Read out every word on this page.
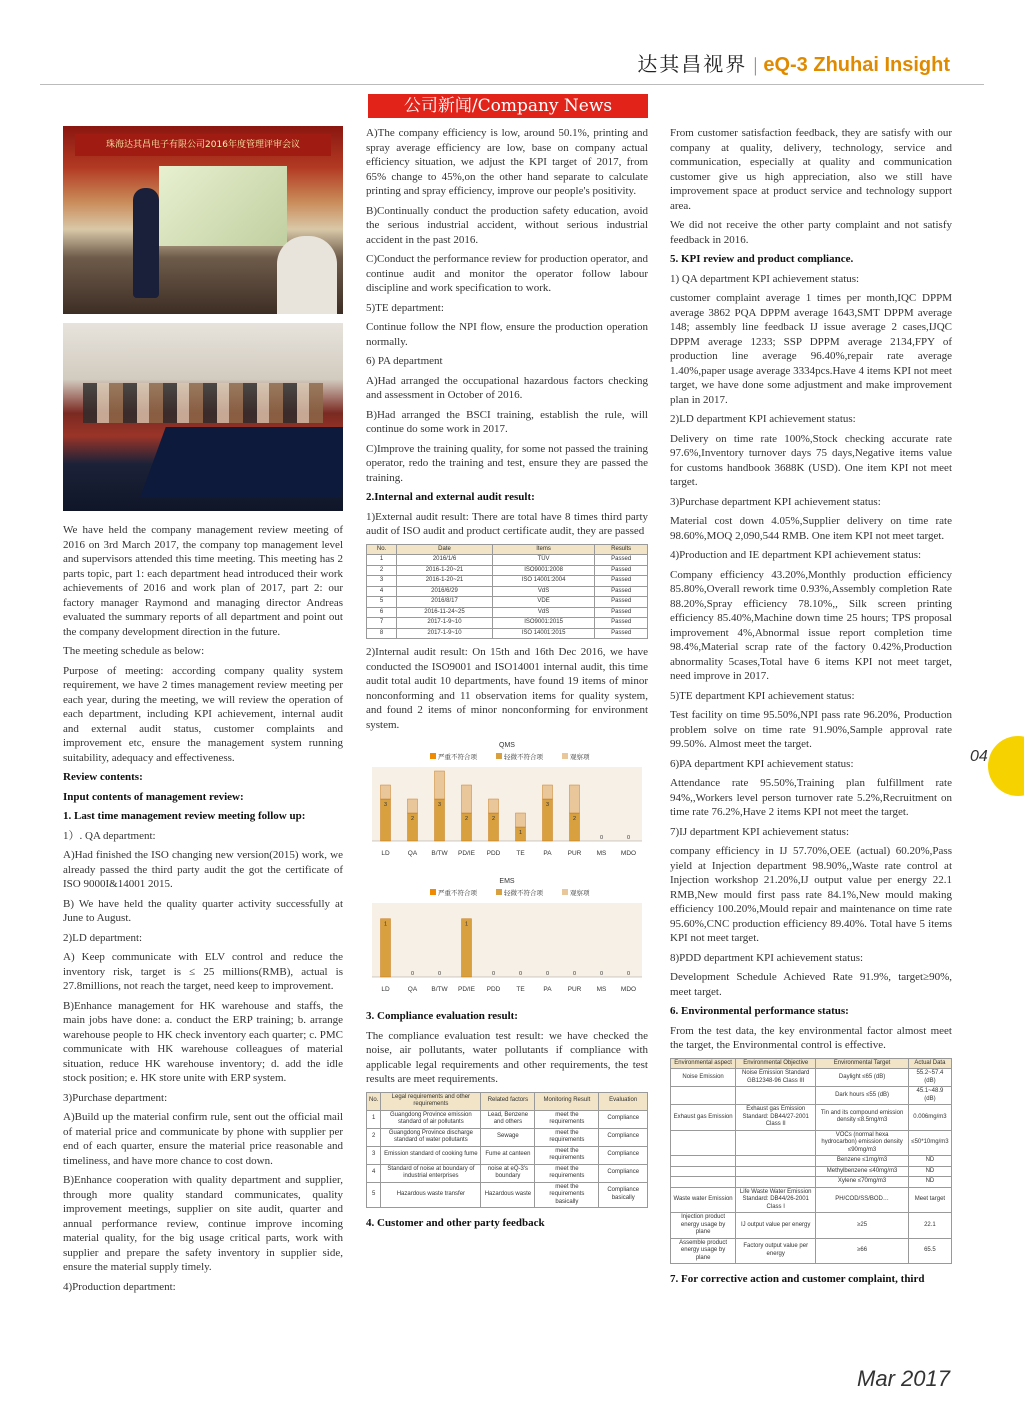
达其昌视界 | eQ-3 Zhuhai Insight
公司新闻/Company News
珠海达其昌电子有限公司2016年度管理评审会议

We have held the company management review meeting of 2016 on 3rd March 2017, the company top management level and supervisors attended this time meeting. This meeting has 2 parts topic, part 1: each department head introduced their work achievements of 2016 and work plan of 2017, part 2: our factory manager Raymond and managing director Andreas evaluated the summary reports of all department and point out the company development direction in the future.

The meeting schedule as below:

Purpose of meeting: according company quality system requirement, we have 2 times management review meeting per each year, during the meeting, we will review the operation of each department, including KPI achievement, internal audit and external audit status, customer complaints and improvement etc, ensure the management system running suitability, adequacy and effectiveness.

Review contents:

Input contents of management review:

1. Last time management review meeting follow up:

1）. QA department:

A)Had finished the ISO changing new version(2015) work, we already passed the third party audit the got the certificate of ISO 9000I&14001 2015.

B) We have held the quality quarter activity successfully at June to August.

2)LD department:

A) Keep communicate with ELV control and reduce the inventory risk, target is ≤ 25 millions(RMB), actual is 27.8millions, not reach the target, need keep to improvement.

B)Enhance management for HK warehouse and staffs, the main jobs have done: a. conduct the ERP training; b. arrange warehouse people to HK check inventory each quarter; c. PMC communicate with HK warehouse colleagues of material situation, reduce HK warehouse inventory; d. add the idle stock position; e. HK store unite with ERP system.

3)Purchase department:

A)Build up the material confirm rule, sent out the official mail of material price and communicate by phone with supplier per end of each quarter, ensure the material price reasonable and timeliness, and have more chance to cost down.

B)Enhance cooperation with quality department and supplier, through more quality standard communicates, quality improvement meetings, supplier on site audit, quarter and annual performance review, continue improve incoming material quality, for the big usage critical parts, work with supplier and prepare the safety inventory in supplier side, ensure the material supply timely.

4)Production department:

A)The company efficiency is low, around 50.1%, printing and spray average efficiency are low, base on company actual efficiency situation, we adjust the KPI target of 2017, from 65% change to 45%,on the other hand separate to calculate printing and spray efficiency, improve our people's positivity.

B)Continually conduct the production safety education, avoid the serious industrial accident, without serious industrial accident in the past 2016.

C)Conduct the performance review for production operator, and continue audit and monitor the operator follow labour discipline and work specification to work.

5)TE department:

Continue follow the NPI flow, ensure the production operation normally.

6) PA department

A)Had arranged the occupational hazardous factors checking and assessment in October of 2016.

B)Had arranged the BSCI training, establish the rule, will continue do some work in 2017.

C)Improve the training quality, for some not passed the training operator, redo the training and test, ensure they are passed the training.

2.Internal and external audit result:

1)External audit result: There are total have 8 times third party audit of ISO audit and product certificate audit, they are passed

No.	Date	Items	Results
1	2016/1/6	TÜV	Passed
2	2016-1-20~21	ISO9001:2008	Passed
3	2016-1-20~21	ISO 14001:2004	Passed
4	2016/6/29	VdS	Passed
5	2016/8/17	VDE	Passed
6	2016-11-24~25	VdS	Passed
7	2017-1-9~10	ISO9001:2015	Passed
8	2017-1-9~10	ISO 14001:2015	Passed

2)Internal audit result: On 15th and 16th Dec 2016, we have conducted the ISO9001 and ISO14001 internal audit, this time audit total audit 10 departments, have found 19 items of minor nonconforming and 11 observation items for quality system, and found 2 items of minor nonconforming for environment system.

QMS
严重不符合项	轻微不符合项	观察项
LD
3
QA
2
B/TW
3
PD/IE
2
PDD
2
TE
1
PA
3
PUR
2
MS
0
MDO
0
EMS
严重不符合项	轻微不符合项	观察项
LD
1
QA
0
B/TW
0
PD/IE
1
PDD
0
TE
0
PA
0
PUR
0
MS
0
MDO
0

3. Compliance evaluation result:

The compliance evaluation test result: we have checked the noise, air pollutants, water pollutants if compliance with applicable legal requirements and other requirements, the test results are meet requirements.

No.	Legal requirements and other requirements	Related factors	Monitoring Result	Evaluation
1	Guangdong Province emission standard of air pollutants	Lead, Benzene and others	meet the requirements	Compliance
2	Guangdong Province discharge standard of water pollutants	Sewage	meet the requirements	Compliance
3	Emission standard of cooking fume	Fume at canteen	meet the requirements	Compliance
4	Standard of noise at boundary of industrial enterprises	noise at eQ-3's boundary	meet the requirements	Compliance
5	Hazardous waste transfer	Hazardous waste	meet the requirements basically	Compliance basically

4. Customer and other party feedback

From customer satisfaction feedback, they are satisfy with our company at quality, delivery, technology, service and communication, especially at quality and communication customer give us high appreciation, also we still have improvement space at product service and technology support area.

We did not receive the other party complaint and not satisfy feedback in 2016.

5. KPI review and product compliance.

1) QA department KPI achievement status:

customer complaint average 1 times per month,IQC DPPM average 3862 PQA DPPM average 1643,SMT DPPM average 148; assembly line feedback IJ issue average 2 cases,IJQC DPPM average 1233; SSP DPPM average 2134,FPY of production line average 96.40%,repair rate average 1.40%,paper usage average 3334pcs.Have 4 items KPI not meet target, we have done some adjustment and make improvement plan in 2017.

2)LD department KPI achievement status:

Delivery on time rate 100%,Stock checking accurate rate 97.6%,Inventory turnover days 75 days,Negative items value for customs handbook 3688K (USD). One item KPI not meet target.

3)Purchase department KPI achievement status:

Material cost down 4.05%,Supplier delivery on time rate 98.60%,MOQ 2,090,544 RMB. One item KPI not meet target.

4)Production and IE department KPI achievement status:

Company efficiency 43.20%,Monthly production efficiency 85.80%,Overall rework time 0.93%,Assembly completion Rate 88.20%,Spray efficiency 78.10%,, Silk screen printing efficiency 85.40%,Machine down time 25 hours; TPS proposal improvement 4%,Abnormal issue report completion time 98.4%,Material scrap rate of the factory 0.42%,Production abnormality 5cases,Total have 6 items KPI not meet target, need improve in 2017.

5)TE department KPI achievement status:

Test facility on time 95.50%,NPI pass rate 96.20%, Production problem solve on time rate 91.90%,Sample approval rate 99.50%. Almost meet the target.

6)PA department KPI achievement status:

Attendance rate 95.50%,Training plan fulfillment rate 94%,,Workers level person turnover rate 5.2%,Recruitment on time rate 76.2%,Have 2 items KPI not meet the target.

7)IJ department KPI achievement status:

company efficiency in IJ 57.70%,OEE (actual) 60.20%,Pass yield at Injection department 98.90%,,Waste rate control at Injection workshop 21.20%,IJ output value per energy 22.1 RMB,New mould first pass rate 84.1%,New mould making efficiency 100.20%,Mould repair and maintenance on time rate 95.60%,CNC production efficiency 89.40%. Total have 5 items KPI not meet target.

8)PDD department KPI achievement status:

Development Schedule Achieved Rate 91.9%, target≥90%, meet target.

6. Environmental performance status:

From the test data, the key environmental factor almost meet the target, the Environmental control is effective.

Environmental aspect	Environmental Objective	Environmental Target	Actual Data
Noise Emission	Noise Emission Standard GB12348-96 Class III	Daylight ≤65 (dB)	55.2~57.4 (dB)
		Dark hours ≤55 (dB)	45.1~48.9 (dB)
Exhaust gas Emission	Exhaust gas Emission Standard: DB44/27-2001 Class II	Tin and its compound emission density ≤8.5mg/m3	0.006mg/m3
		VOCs (normal hexa hydrocarbon) emission density ≤90mg/m3	≤50*10mg/m3
		Benzene ≤1mg/m3	ND
		Methylbenzene ≤40mg/m3	ND
		Xylene ≤70mg/m3	ND
Waste water Emission	Life Waste Water Emission Standard: DB44/26-2001 Class I	PH/COD/SS/BOD…	Meet target
Injection product energy usage by plane	IJ output value per energy	≥25	22.1
Assemble product energy usage by plane	Factory output value per energy	≥66	65.5

7. For corrective action and customer complaint, third

04
Mar 2017
